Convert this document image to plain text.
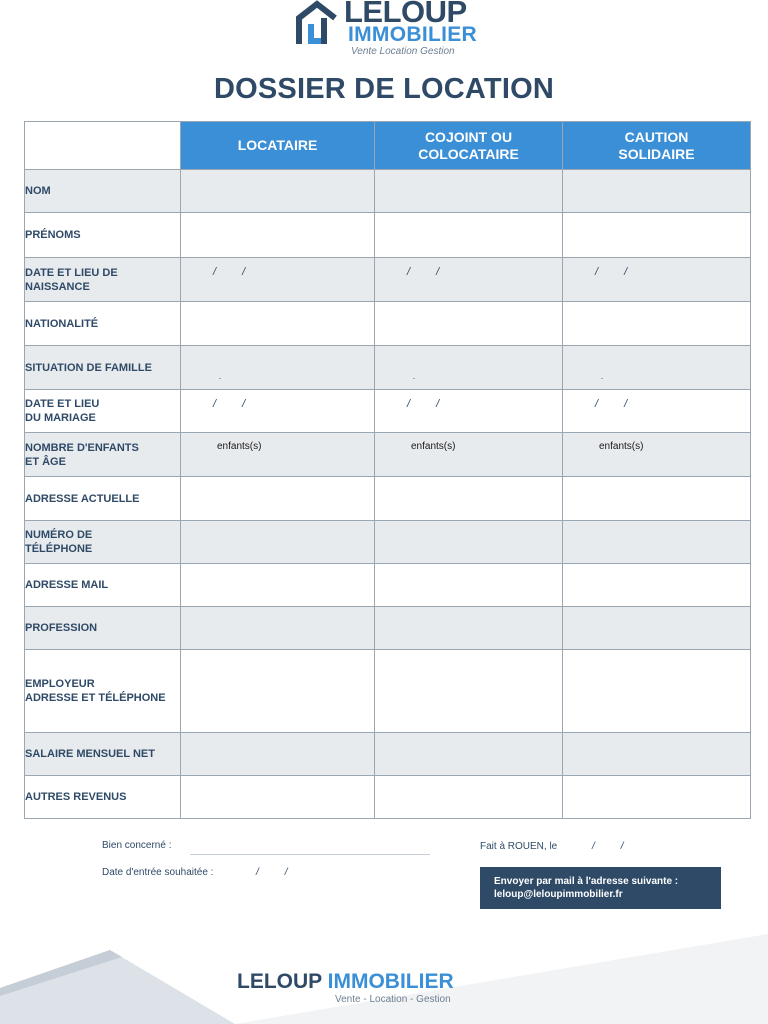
LELOUP
IMMOBILIER
Vente Location Gestion
DOSSIER DE LOCATION
	LOCATAIRE	COJOINT OU
COLOCATAIRE	CAUTION
SOLIDAIRE
NOM			
PRÉNOMS			
DATE ET LIEU DE
NAISSANCE	/ /	/ /	/ /

NATIONALITÉ			
SITUATION DE FAMILLE	

DATE ET LIEU
DU MARIAGE	/ /	/ /	/ /

NOMBRE D'ENFANTS
ET ÂGE	enfants(s)	enfants(s)	enfants(s)

ADRESSE ACTUELLE			
NUMÉRO DE
TÉLÉPHONE			
ADRESSE MAIL			
PROFESSION			
EMPLOYEUR
ADRESSE ET TÉLÉPHONE			
SALAIRE MENSUEL NET			
AUTRES REVENUS			
Bien concerné :
Date d'entrée souhaitée :	/	/
Fait à ROUEN, le	/	/
Envoyer par mail à l'adresse suivante :
leloup@leloupimmobilier.fr
LELOUP IMMOBILIER
Vente - Location - Gestion
